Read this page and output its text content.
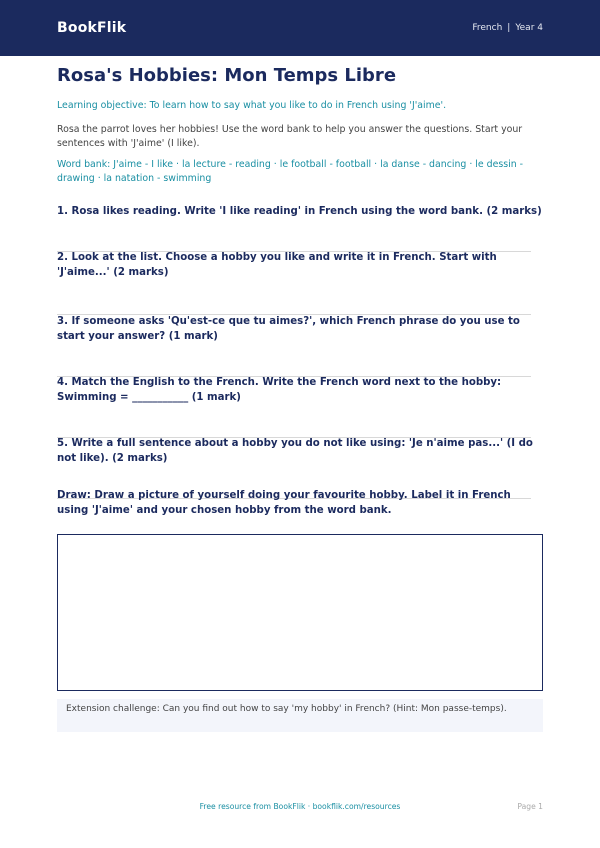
BookFlik	French | Year 4
Rosa's Hobbies: Mon Temps Libre
Learning objective: To learn how to say what you like to do in French using 'J'aime'.
Rosa the parrot loves her hobbies! Use the word bank to help you answer the questions. Start your sentences with 'J'aime' (I like).
Word bank: J'aime - I like · la lecture - reading · le football - football · la danse - dancing · le dessin - drawing · la natation - swimming
1. Rosa likes reading. Write 'I like reading' in French using the word bank. (2 marks)
2. Look at the list. Choose a hobby you like and write it in French. Start with 'J'aime...' (2 marks)
3. If someone asks 'Qu'est-ce que tu aimes?', which French phrase do you use to start your answer? (1 mark)
4. Match the English to the French. Write the French word next to the hobby: Swimming = ___________ (1 mark)
5. Write a full sentence about a hobby you do not like using: 'Je n'aime pas...' (I do not like). (2 marks)
Draw: Draw a picture of yourself doing your favourite hobby. Label it in French using 'J'aime' and your chosen hobby from the word bank.
Extension challenge: Can you find out how to say 'my hobby' in French? (Hint: Mon passe-temps).
Free resource from BookFlik · bookflik.com/resources	Page 1
